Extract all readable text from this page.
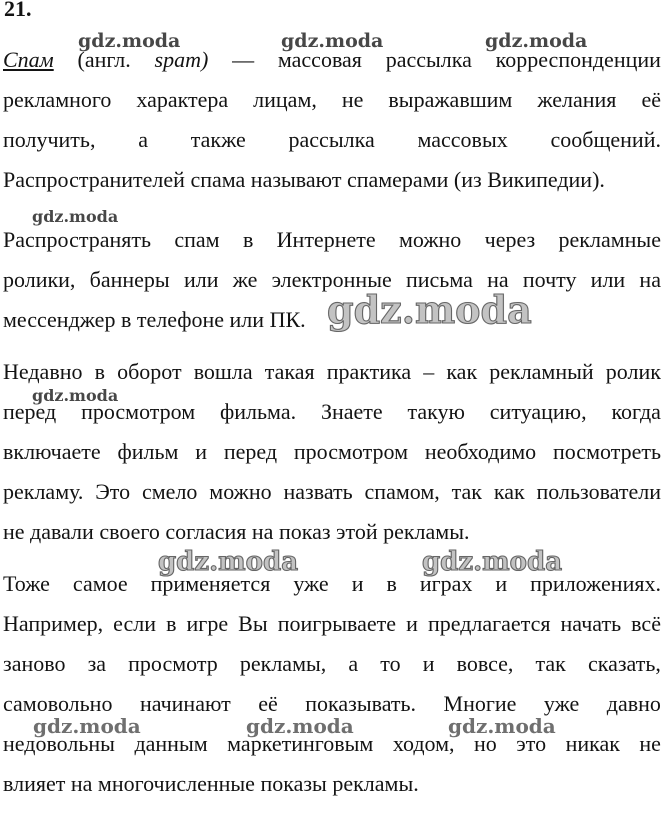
21.
Спам (англ. spam) — массовая рассылка корреспонденции
рекламного характера лицам, не выражавшим желания её
получить, а также рассылка массовых сообщений.
Распространителей спама называют спамерами (из Википедии).
Распространять спам в Интернете можно через рекламные
ролики, баннеры или же электронные письма на почту или на
мессенджер в телефоне или ПК.
Недавно в оборот вошла такая практика – как рекламный ролик
перед просмотром фильма. Знаете такую ситуацию, когда
включаете фильм и перед просмотром необходимо посмотреть
рекламу. Это смело можно назвать спамом, так как пользователи
не давали своего согласия на показ этой рекламы.
Тоже самое применяется уже и в играх и приложениях.
Например, если в игре Вы поигрываете и предлагается начать всё
заново за просмотр рекламы, а то и вовсе, так сказать,
самовольно начинают её показывать. Многие уже давно
недовольны данным маркетинговым ходом, но это никак не
влияет на многочисленные показы рекламы.
gdz.moda	gdz.moda	gdz.moda
gdz.moda
gdz.moda
gdz.moda
gdz.moda	gdz.moda
gdz.moda	gdz.moda	gdz.moda
